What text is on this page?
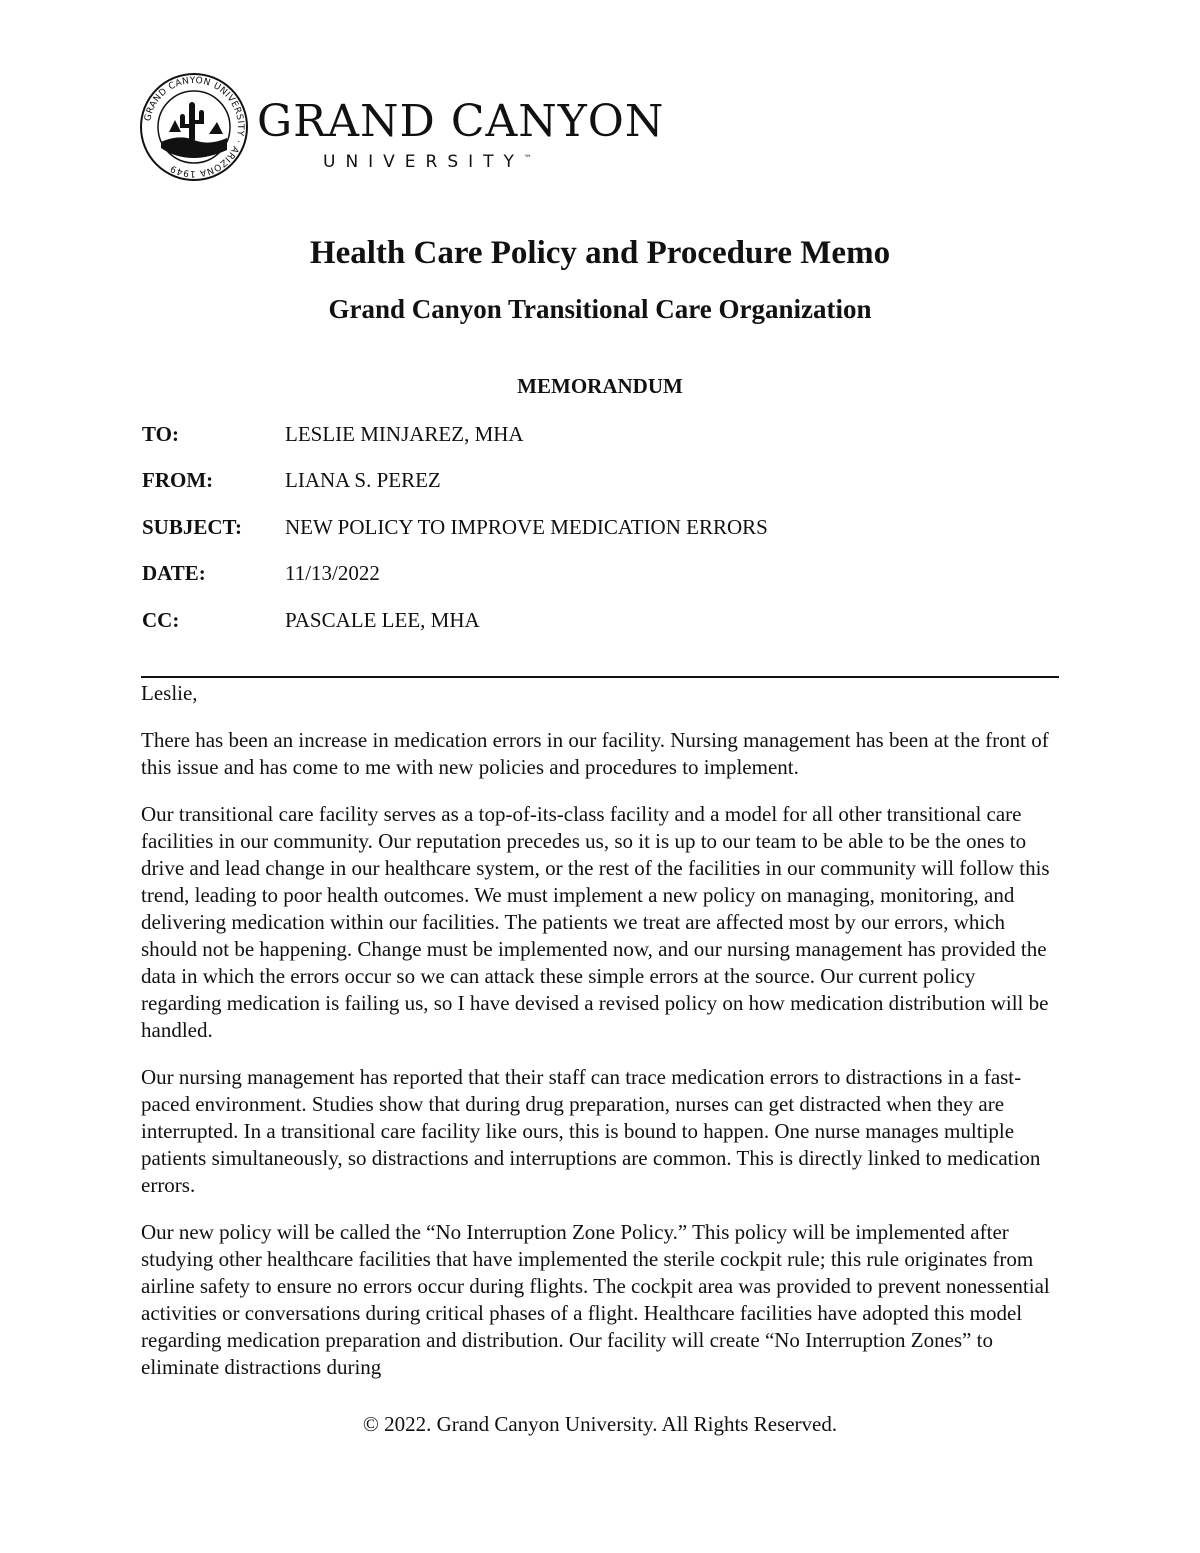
GRAND CANYON UNIVERSITY · ARIZONA 1949
GRAND CANYON
UNIVERSITY™
Health Care Policy and Procedure Memo
Grand Canyon Transitional Care Organization
MEMORANDUM
TO:	LESLIE MINJAREZ, MHA
FROM:	LIANA S. PEREZ
SUBJECT: NEW POLICY TO IMPROVE MEDICATION ERRORS
DATE:	11/13/2022
CC:	PASCALE LEE, MHA

Leslie,

There has been an increase in medication errors in our facility. Nursing management has been at the front of this issue and has come to me with new policies and procedures to implement.

Our transitional care facility serves as a top-of-its-class facility and a model for all other transitional care facilities in our community. Our reputation precedes us, so it is up to our team to be able to be the ones to drive and lead change in our healthcare system, or the rest of the facilities in our community will follow this trend, leading to poor health outcomes. We must implement a new policy on managing, monitoring, and delivering medication within our facilities. The patients we treat are affected most by our errors, which should not be happening. Change must be implemented now, and our nursing management has provided the data in which the errors occur so we can attack these simple errors at the source. Our current policy regarding medication is failing us, so I have devised a revised policy on how medication distribution will be handled.

Our nursing management has reported that their staff can trace medication errors to distractions in a fast-paced environment. Studies show that during drug preparation, nurses can get distracted when they are interrupted. In a transitional care facility like ours, this is bound to happen. One nurse manages multiple patients simultaneously, so distractions and interruptions are common. This is directly linked to medication errors.

Our new policy will be called the “No Interruption Zone Policy.” This policy will be implemented after studying other healthcare facilities that have implemented the sterile cockpit rule; this rule originates from airline safety to ensure no errors occur during flights. The cockpit area was provided to prevent nonessential activities or conversations during critical phases of a flight. Healthcare facilities have adopted this model regarding medication preparation and distribution. Our facility will create “No Interruption Zones” to eliminate distractions during

© 2022. Grand Canyon University. All Rights Reserved.
